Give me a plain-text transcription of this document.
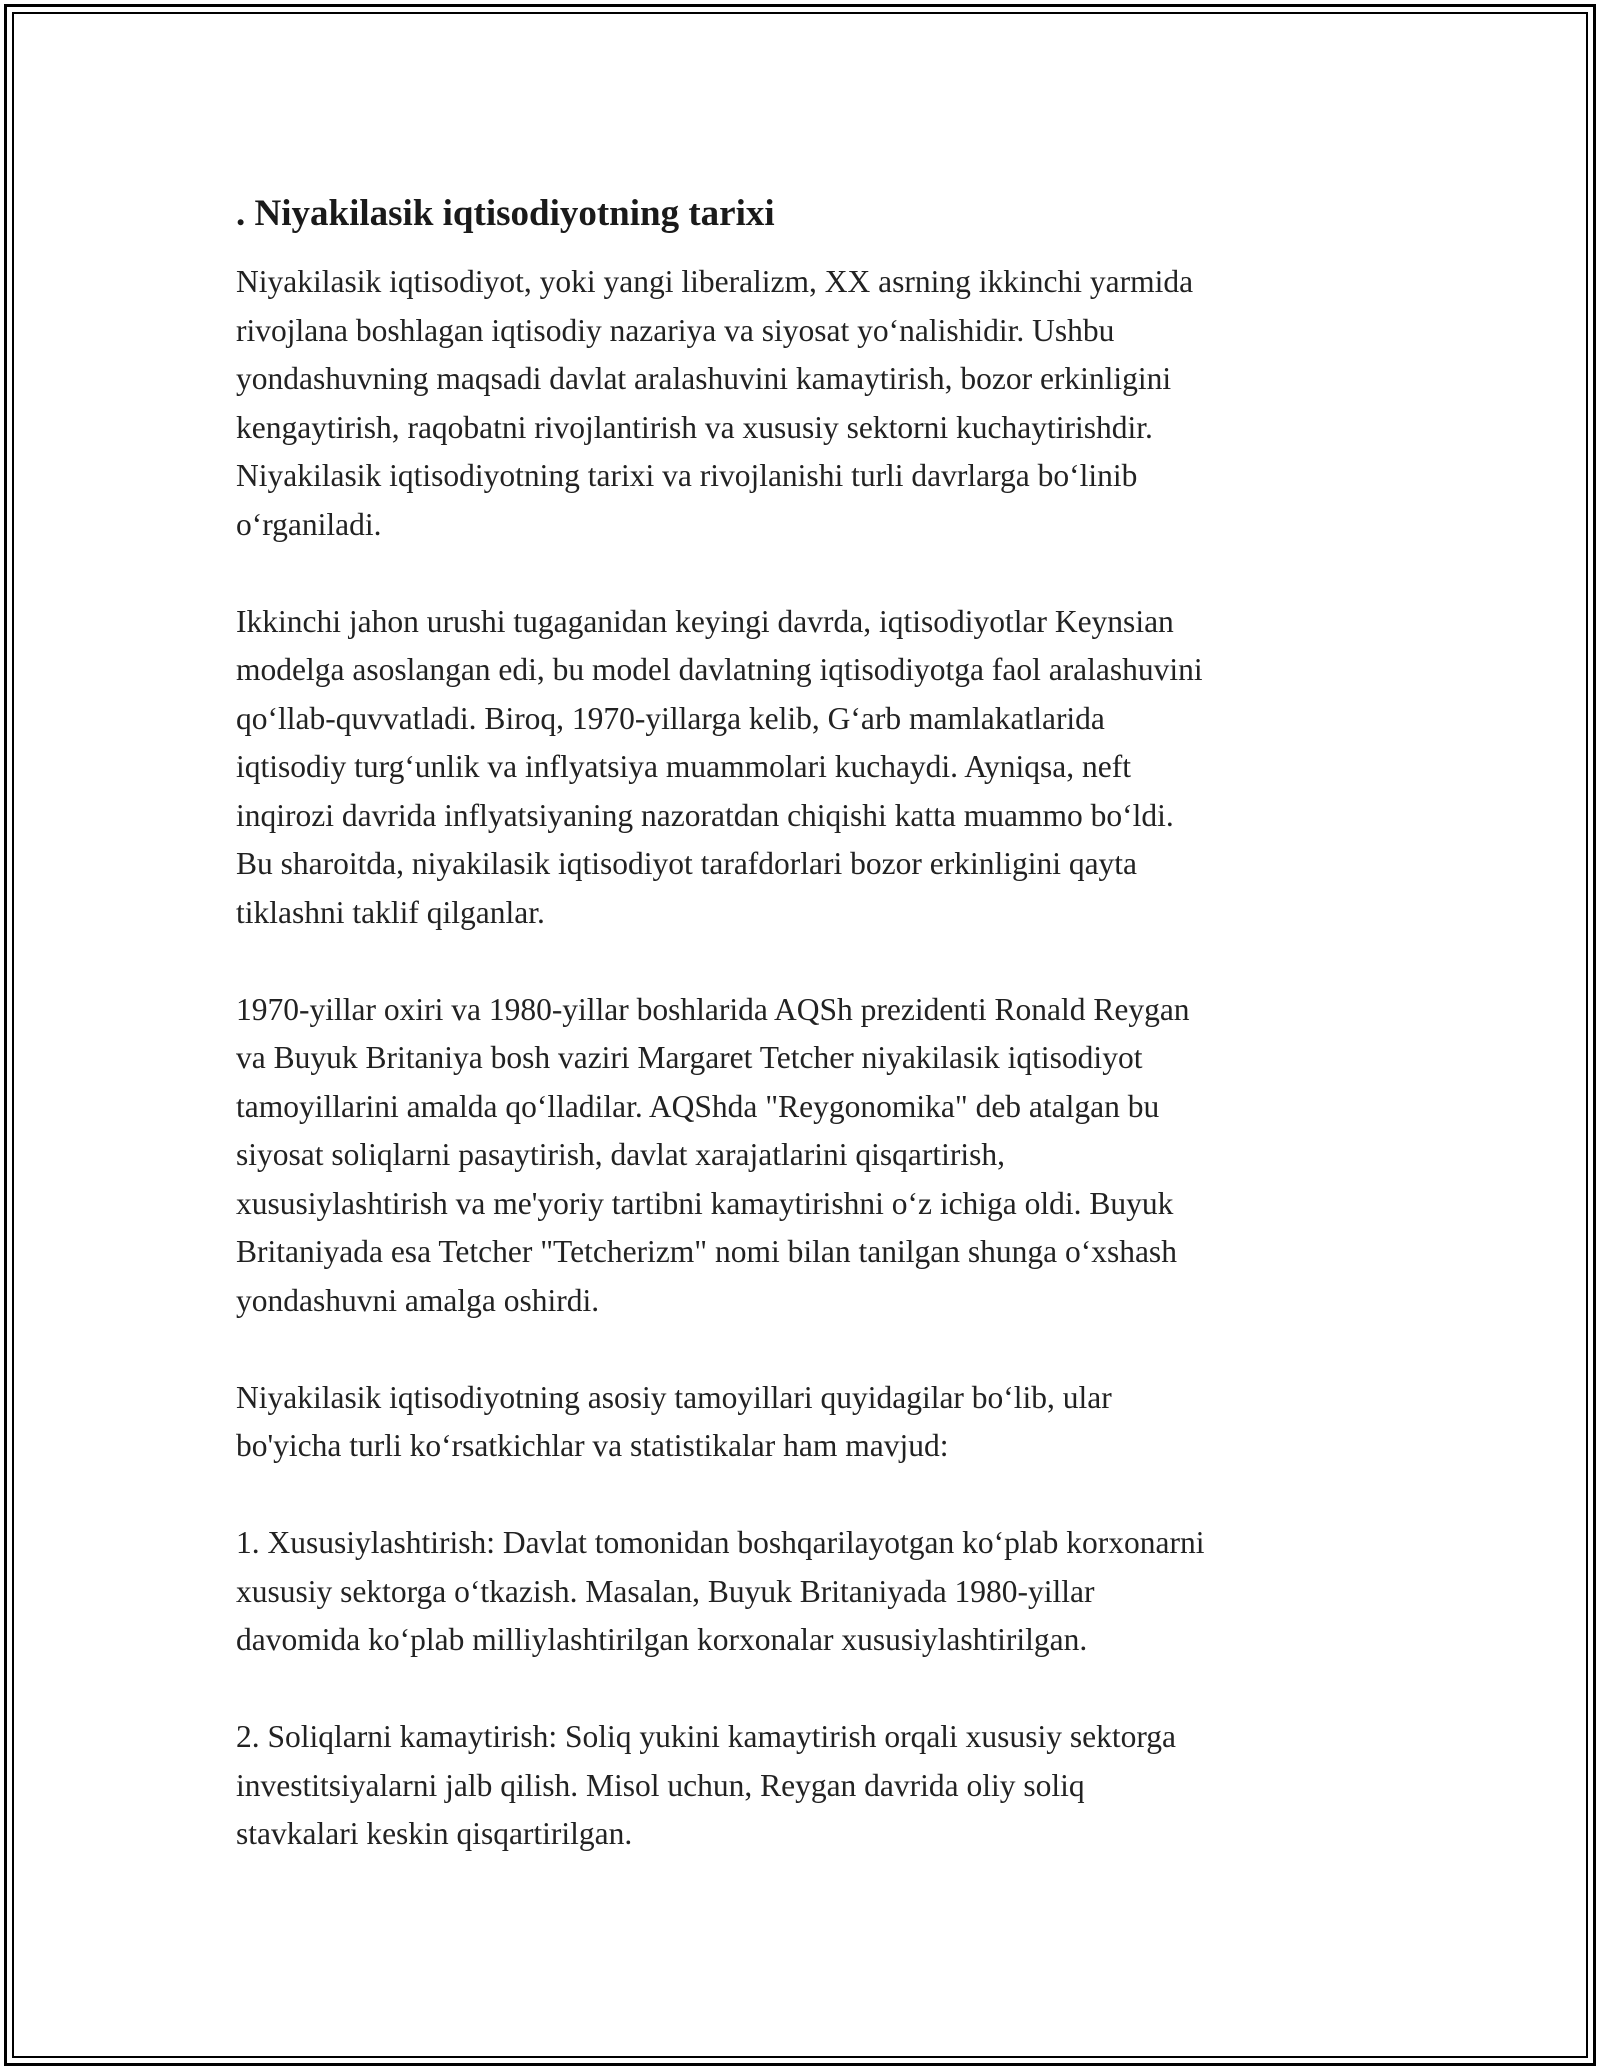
. Niyakilasik iqtisodiyotning tarixi

Niyakilasik iqtisodiyot, yoki yangi liberalizm, XX asrning ikkinchi yarmida
rivojlana boshlagan iqtisodiy nazariya va siyosat yo‘nalishidir. Ushbu
yondashuvning maqsadi davlat aralashuvini kamaytirish, bozor erkinligini
kengaytirish, raqobatni rivojlantirish va xususiy sektorni kuchaytirishdir.
Niyakilasik iqtisodiyotning tarixi va rivojlanishi turli davrlarga bo‘linib
o‘rganiladi.

Ikkinchi jahon urushi tugaganidan keyingi davrda, iqtisodiyotlar Keynsian
modelga asoslangan edi, bu model davlatning iqtisodiyotga faol aralashuvini
qo‘llab-quvvatladi. Biroq, 1970-yillarga kelib, G‘arb mamlakatlarida
iqtisodiy turg‘unlik va inflyatsiya muammolari kuchaydi. Ayniqsa, neft
inqirozi davrida inflyatsiyaning nazoratdan chiqishi katta muammo bo‘ldi.
Bu sharoitda, niyakilasik iqtisodiyot tarafdorlari bozor erkinligini qayta
tiklashni taklif qilganlar.

1970-yillar oxiri va 1980-yillar boshlarida AQSh prezidenti Ronald Reygan
va Buyuk Britaniya bosh vaziri Margaret Tetcher niyakilasik iqtisodiyot
tamoyillarini amalda qo‘lladilar. AQShda "Reygonomika" deb atalgan bu
siyosat soliqlarni pasaytirish, davlat xarajatlarini qisqartirish,
xususiylashtirish va me'yoriy tartibni kamaytirishni o‘z ichiga oldi. Buyuk
Britaniyada esa Tetcher "Tetcherizm" nomi bilan tanilgan shunga o‘xshash
yondashuvni amalga oshirdi.

Niyakilasik iqtisodiyotning asosiy tamoyillari quyidagilar bo‘lib, ular
bo'yicha turli ko‘rsatkichlar va statistikalar ham mavjud:

1. Xususiylashtirish: Davlat tomonidan boshqarilayotgan ko‘plab korxonarni
xususiy sektorga o‘tkazish. Masalan, Buyuk Britaniyada 1980-yillar
davomida ko‘plab milliylashtirilgan korxonalar xususiylashtirilgan.

2. Soliqlarni kamaytirish: Soliq yukini kamaytirish orqali xususiy sektorga
investitsiyalarni jalb qilish. Misol uchun, Reygan davrida oliy soliq
stavkalari keskin qisqartirilgan.
